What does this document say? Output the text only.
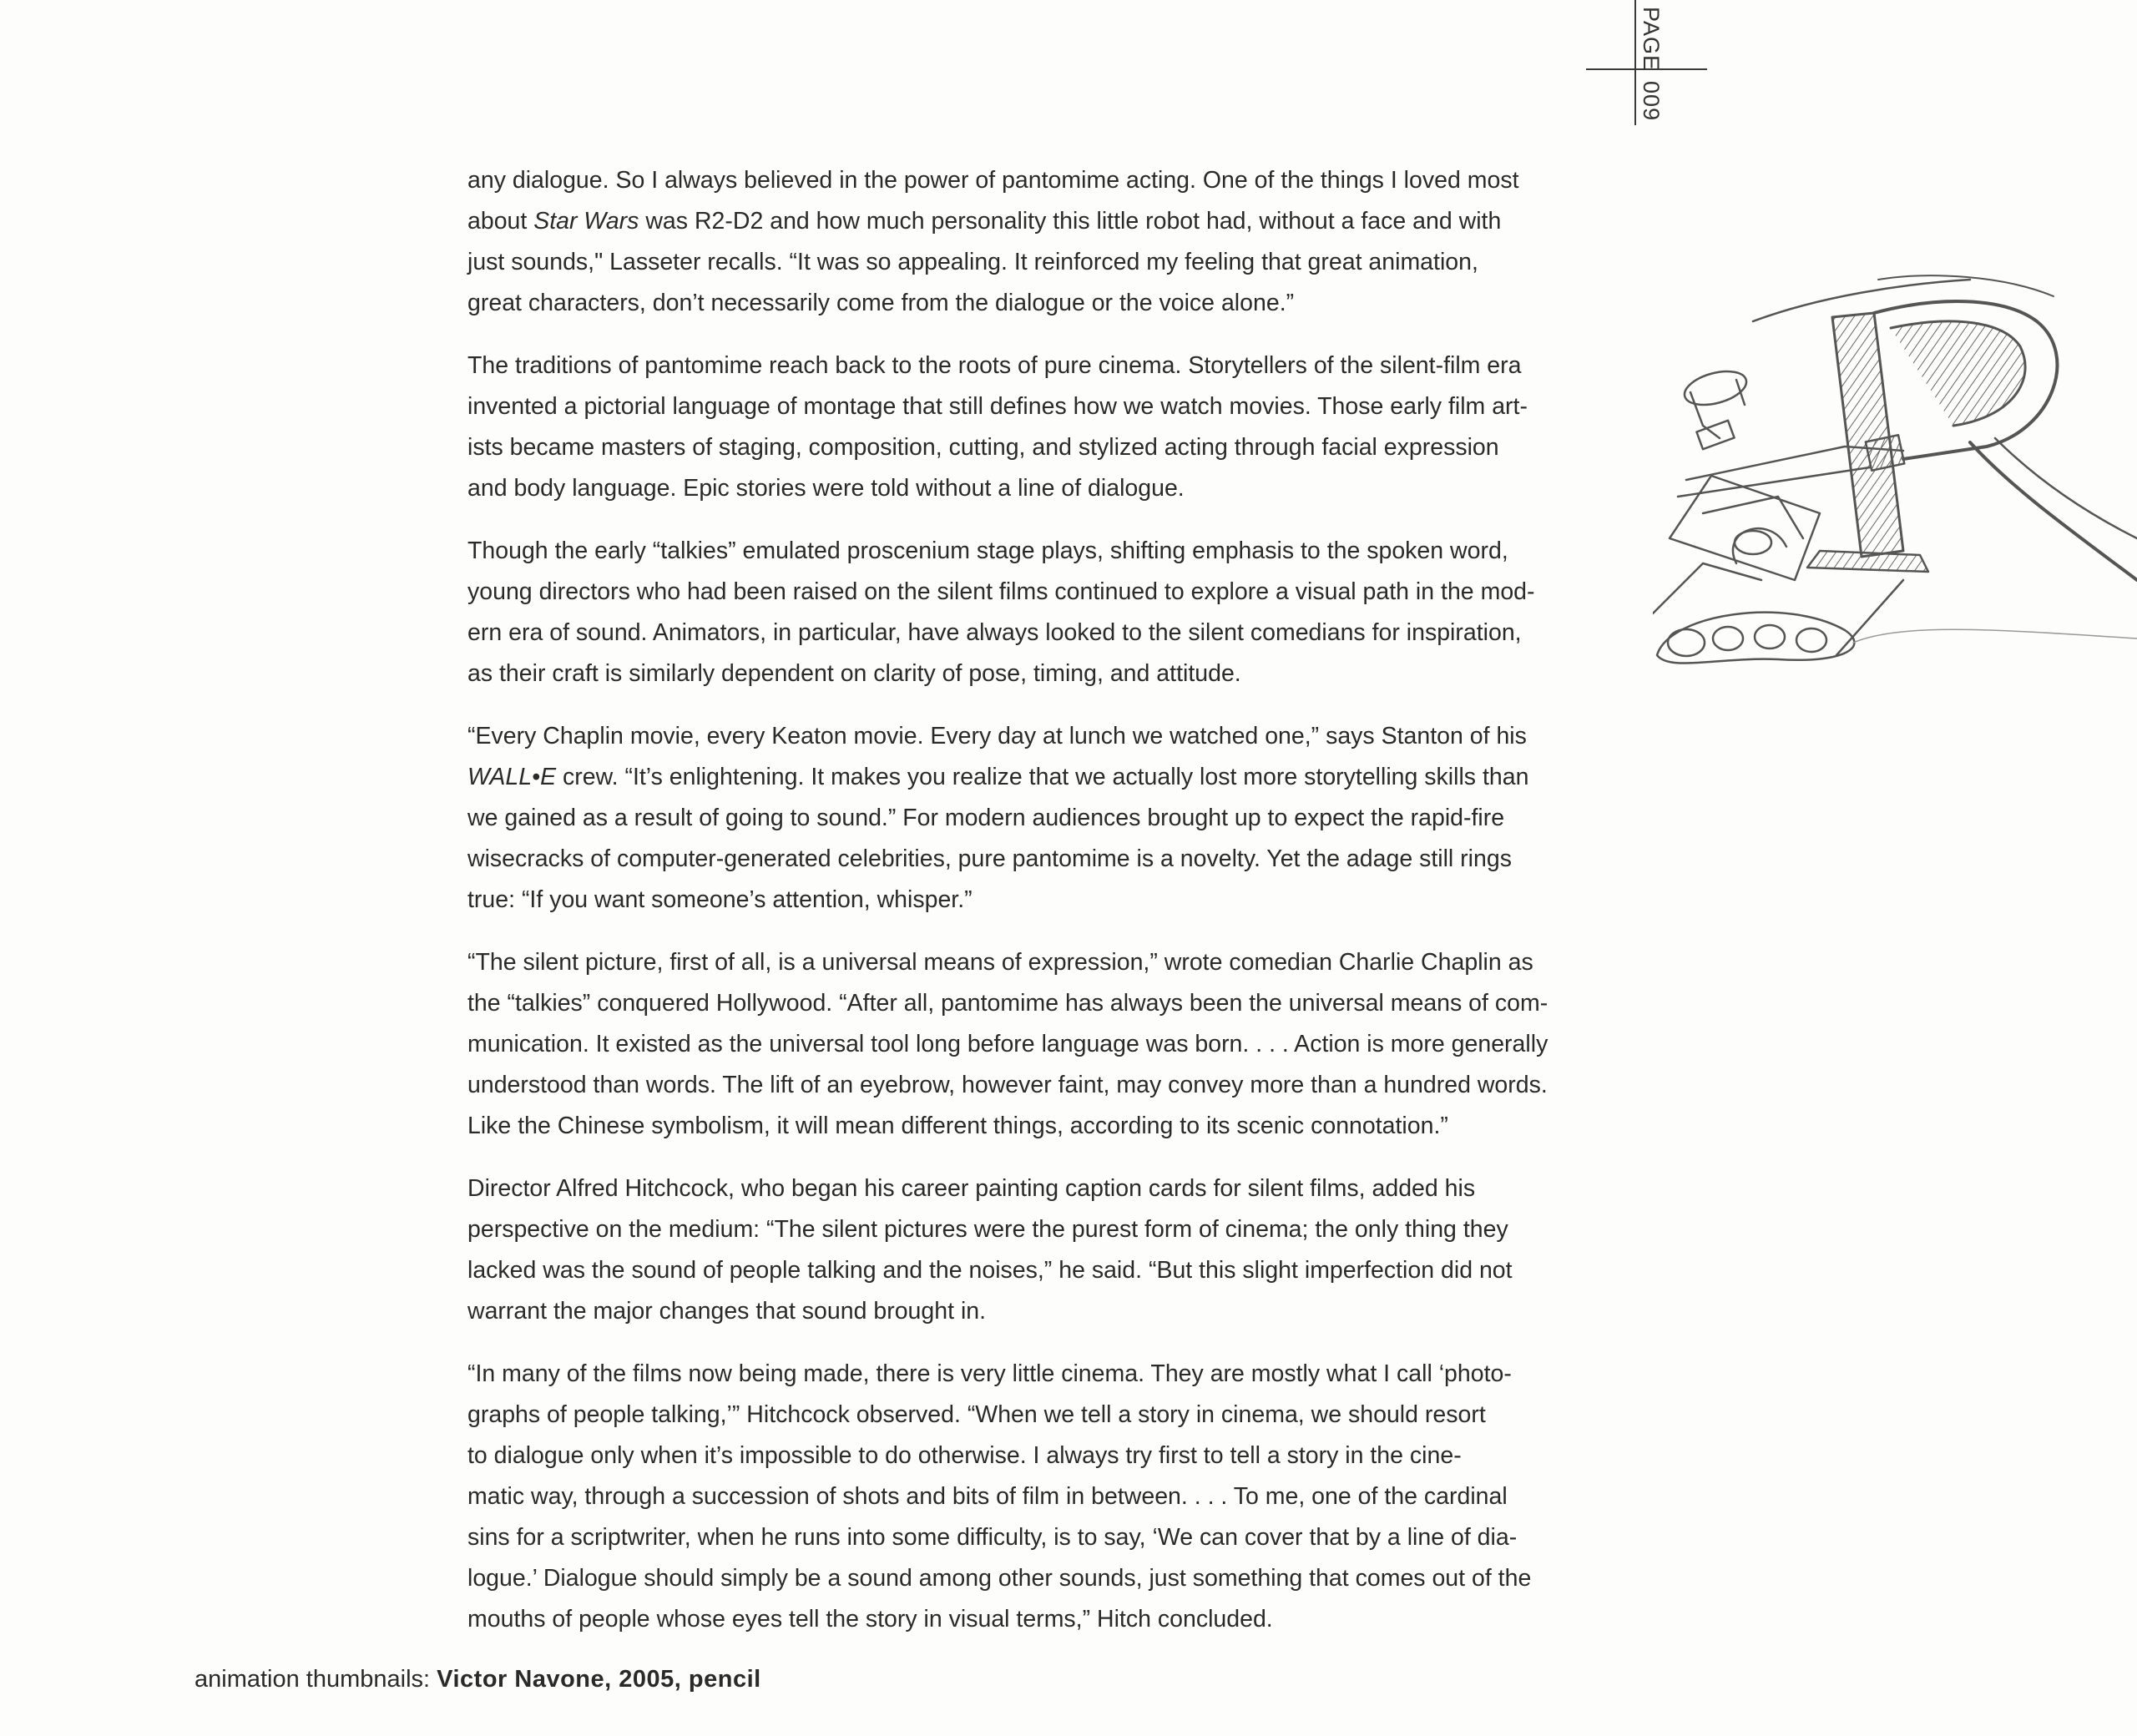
PAGE009

any dialogue. So I always believed in the power of pantomime acting. One of the things I loved most
about Star Wars was R2-D2 and how much personality this little robot had, without a face and with
just sounds," Lasseter recalls. “It was so appealing. It reinforced my feeling that great animation,
great characters, don’t necessarily come from the dialogue or the voice alone.”

The traditions of pantomime reach back to the roots of pure cinema. Storytellers of the silent-film era
invented a pictorial language of montage that still defines how we watch movies. Those early film art-
ists became masters of staging, composition, cutting, and stylized acting through facial expression
and body language. Epic stories were told without a line of dialogue.

Though the early “talkies” emulated proscenium stage plays, shifting emphasis to the spoken word,
young directors who had been raised on the silent films continued to explore a visual path in the mod-
ern era of sound. Animators, in particular, have always looked to the silent comedians for inspiration,
as their craft is similarly dependent on clarity of pose, timing, and attitude.

“Every Chaplin movie, every Keaton movie. Every day at lunch we watched one,” says Stanton of his
WALL•E crew. “It’s enlightening. It makes you realize that we actually lost more storytelling skills than
we gained as a result of going to sound.” For modern audiences brought up to expect the rapid-fire
wisecracks of computer-generated celebrities, pure pantomime is a novelty. Yet the adage still rings
true: “If you want someone’s attention, whisper.”

“The silent picture, first of all, is a universal means of expression,” wrote comedian Charlie Chaplin as
the “talkies” conquered Hollywood. “After all, pantomime has always been the universal means of com-
munication. It existed as the universal tool long before language was born. . . . Action is more generally
understood than words. The lift of an eyebrow, however faint, may convey more than a hundred words.
Like the Chinese symbolism, it will mean different things, according to its scenic connotation.”

Director Alfred Hitchcock, who began his career painting caption cards for silent films, added his
perspective on the medium: “The silent pictures were the purest form of cinema; the only thing they
lacked was the sound of people talking and the noises,” he said. “But this slight imperfection did not
warrant the major changes that sound brought in.

“In many of the films now being made, there is very little cinema. They are mostly what I call ‘photo-
graphs of people talking,’” Hitchcock observed. “When we tell a story in cinema, we should resort
to dialogue only when it’s impossible to do otherwise. I always try first to tell a story in the cine-
matic way, through a succession of shots and bits of film in between. . . . To me, one of the cardinal
sins for a scriptwriter, when he runs into some difficulty, is to say, ‘We can cover that by a line of dia-
logue.’ Dialogue should simply be a sound among other sounds, just something that comes out of the
mouths of people whose eyes tell the story in visual terms,” Hitch concluded.

animation thumbnails: Victor Navone, 2005, pencil
